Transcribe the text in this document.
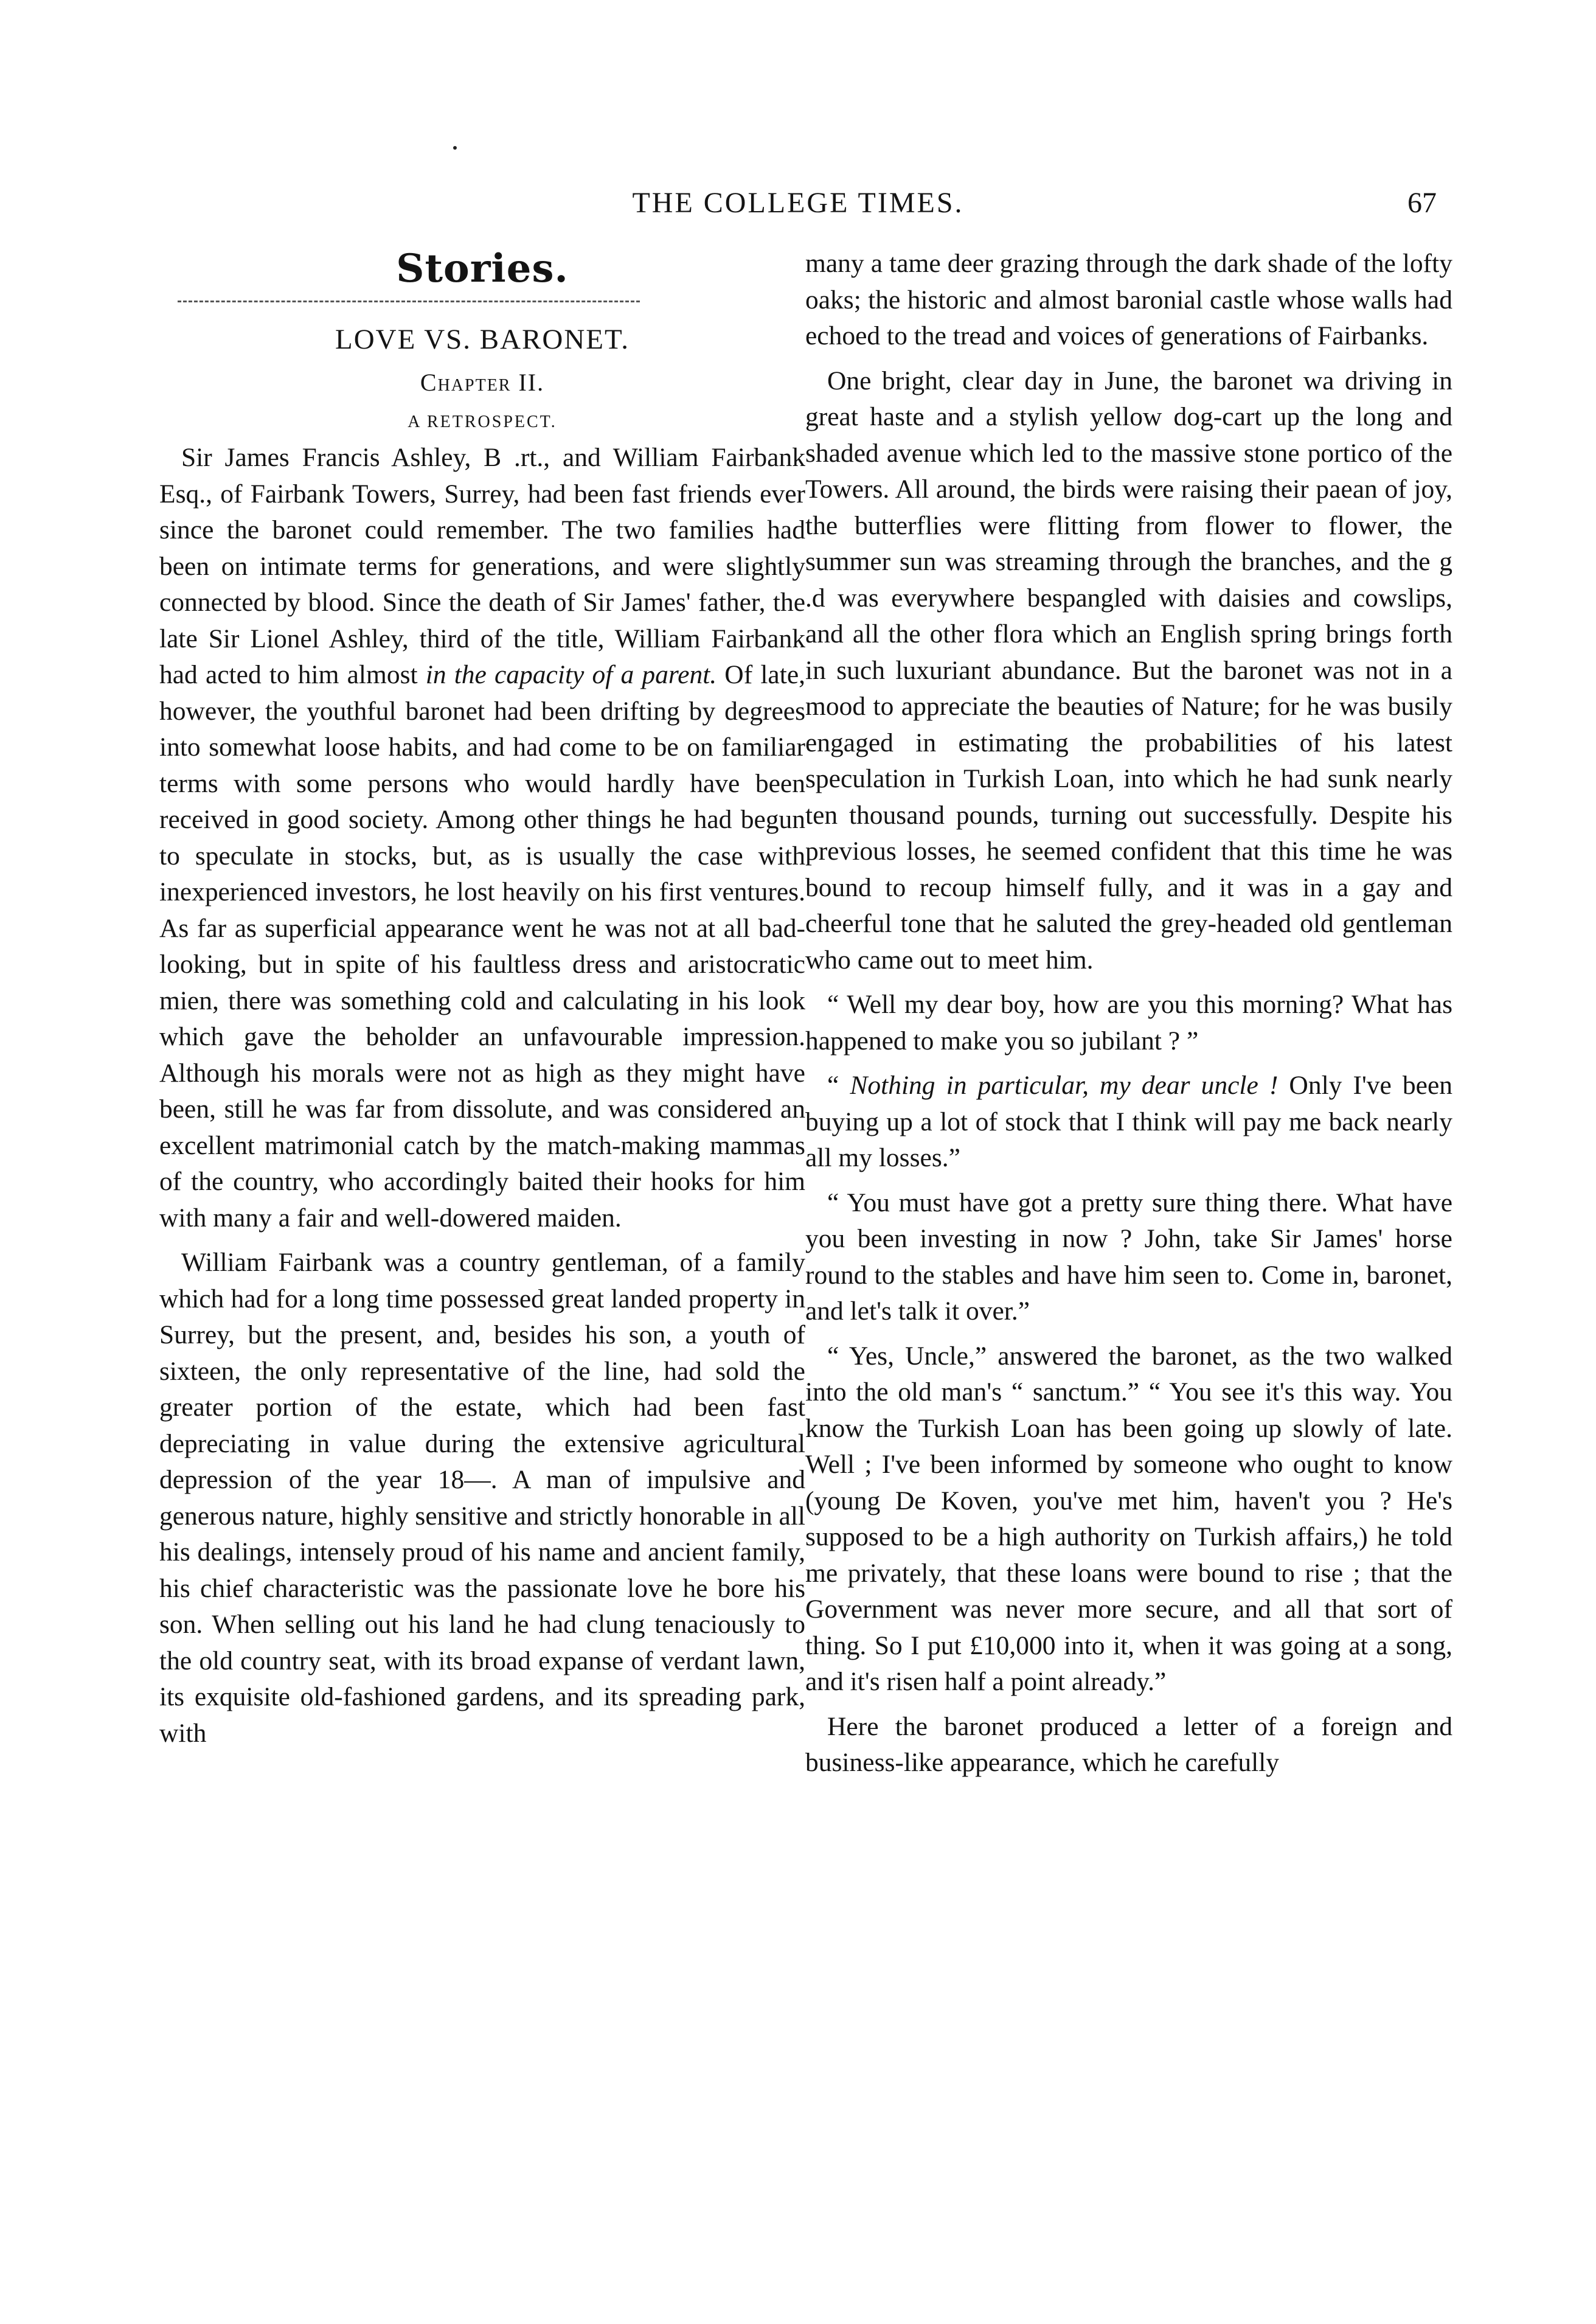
THE COLLEGE TIMES.	67
Stories.
LOVE VS. BARONET.
Chapter II.
A RETROSPECT.

Sir James Francis Ashley, B .rt., and William Fairbank Esq., of Fairbank Towers, Surrey, had been fast friends ever since the baronet could remember. The two families had been on intimate terms for generations, and were slightly connected by blood. Since the death of Sir James' father, the late Sir Lionel Ashley, third of the title, William Fairbank had acted to him almost in the capacity of a parent. Of late, however, the youthful baronet had been drifting by degrees into somewhat loose habits, and had come to be on familiar terms with some persons who would hardly have been received in good society. Among other things he had begun to speculate in stocks, but, as is usually the case with inexperienced investors, he lost heavily on his first ventures. As far as superficial appearance went he was not at all bad-looking, but in spite of his faultless dress and aristocratic mien, there was something cold and calculating in his look which gave the beholder an unfavourable impression. Although his morals were not as high as they might have been, still he was far from dissolute, and was considered an excellent matrimonial catch by the match-making mammas of the country, who accordingly baited their hooks for him with many a fair and well-dowered maiden.

William Fairbank was a country gentleman, of a family which had for a long time possessed great landed property in Surrey, but the present, and, besides his son, a youth of sixteen, the only representative of the line, had sold the greater portion of the estate, which had been fast depreciating in value during the extensive agricultural depression of the year 18—. A man of impulsive and generous nature, highly sensitive and strictly honorable in all his dealings, intensely proud of his name and ancient family, his chief characteristic was the passionate love he bore his son. When selling out his land he had clung tenaciously to the old country seat, with its broad expanse of verdant lawn, its exquisite old-fashioned gardens, and its spreading park, with

many a tame deer grazing through the dark shade of the lofty oaks; the historic and almost baronial castle whose walls had echoed to the tread and voices of generations of Fairbanks.

One bright, clear day in June, the baronet wa driving in great haste and a stylish yellow dog-cart up the long and shaded avenue which led to the massive stone portico of the Towers. All around, the birds were raising their paean of joy, the butterflies were flitting from flower to flower, the summer sun was streaming through the branches, and the g .d was everywhere bespangled with daisies and cowslips, and all the other flora which an English spring brings forth in such luxuriant abundance. But the baronet was not in a mood to appreciate the beauties of Nature; for he was busily engaged in estimating the probabilities of his latest speculation in Turkish Loan, into which he had sunk nearly ten thousand pounds, turning out successfully. Despite his previous losses, he seemed confident that this time he was bound to recoup himself fully, and it was in a gay and cheerful tone that he saluted the grey-headed old gentleman who came out to meet him.

“ Well my dear boy, how are you this morning? What has happened to make you so jubilant ? ”

“ Nothing in particular, my dear uncle ! Only I've been buying up a lot of stock that I think will pay me back nearly all my losses.”

“ You must have got a pretty sure thing there. What have you been investing in now ? John, take Sir James' horse round to the stables and have him seen to. Come in, baronet, and let's talk it over.”

“ Yes, Uncle,” answered the baronet, as the two walked into the old man's “ sanctum.” “ You see it's this way. You know the Turkish Loan has been going up slowly of late. Well ; I've been informed by someone who ought to know (young De Koven, you've met him, haven't you ? He's supposed to be a high authority on Turkish affairs,) he told me privately, that these loans were bound to rise ; that the Government was never more secure, and all that sort of thing. So I put £10,000 into it, when it was going at a song, and it's risen half a point already.”

Here the baronet produced a letter of a foreign and business-like appearance, which he carefully
